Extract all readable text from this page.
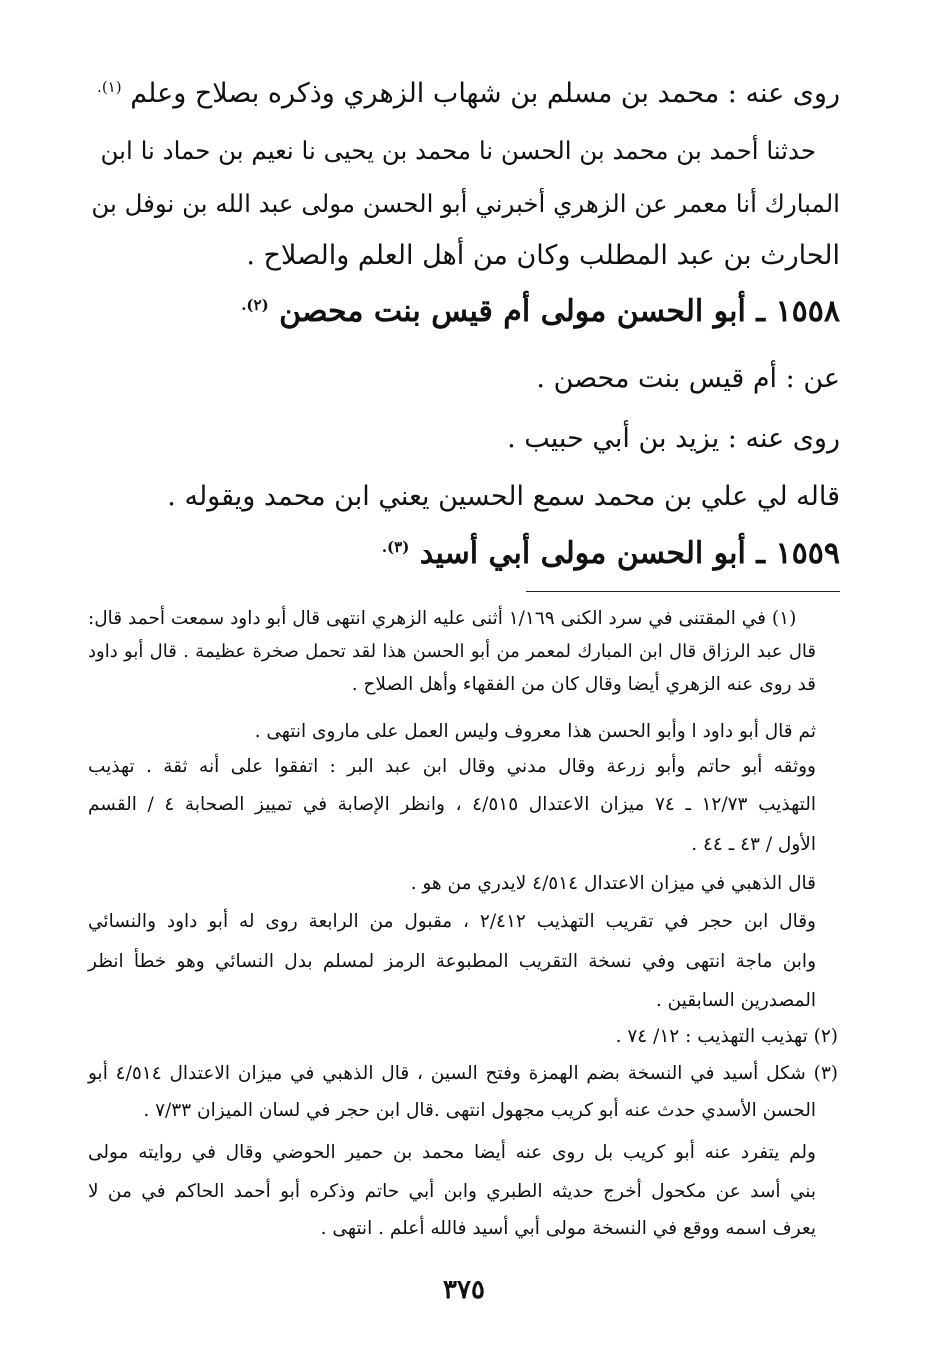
روى عنه : محمد بن مسلم بن شهاب الزهري وذكره بصلاح وعلم $^{(١).}$
حدثنا أحمد بن محمد بن الحسن نا محمد بن يحيى نا نعيم بن حماد نا ابن
المبارك أنا معمر عن الزهري أخبرني أبو الحسن مولى عبد الله بن نوفل بن
الحارث بن عبد المطلب وكان من أهل العلم والصلاح .
١٥٥٨ ـ أبو الحسن مولى أم قيس بنت محصن $^{(٢).}$
عن : أم قيس بنت محصن .
روى عنه : يزيد بن أبي حبيب .
قاله لي علي بن محمد سمع الحسين يعني ابن محمد ويقوله .
١٥٥٩ ـ أبو الحسن مولى أبي أسيد $^{(٣).}$
(١) في المقتنى في سرد الكنى ١/١٦٩ أثنى عليه الزهري انتهى قال أبو داود سمعت أحمد قال:
قال عبد الرزاق قال ابن المبارك لمعمر من أبو الحسن هذا لقد تحمل صخرة عظيمة . قال أبو داود
قد روى عنه الزهري أيضا وقال كان من الفقهاء وأهل الصلاح .
ثم قال أبو داود ا وأبو الحسن هذا معروف وليس العمل على ماروى انتهى .
ووثقه أبو حاتم وأبو زرعة وقال مدني وقال ابن عبد البر : اتفقوا على أنه ثقة . تهذيب
التهذيب ١٢/٧٣ ـ ٧٤ ميزان الاعتدال ٤/٥١٥ ، وانظر الإصابة في تمييز الصحابة ٤ / القسم
الأول / ٤٣ ـ ٤٤ .
قال الذهبي في ميزان الاعتدال ٤/٥١٤ لايدري من هو .
وقال ابن حجر في تقريب التهذيب ٢/٤١٢ ، مقبول من الرابعة روى له أبو داود والنسائي
وابن ماجة انتهى وفي نسخة التقريب المطبوعة الرمز لمسلم بدل النسائي وهو خطأ انظر
المصدرين السابقين .
(٢) تهذيب التهذيب : ١٢/ ٧٤ .
(٣) شكل أسيد في النسخة بضم الهمزة وفتح السين ، قال الذهبي في ميزان الاعتدال ٤/٥١٤ أبو
الحسن الأسدي حدث عنه أبو كريب مجهول انتهى .قال ابن حجر في لسان الميزان ٧/٣٣ .
ولم يتفرد عنه أبو كريب بل روى عنه أيضا محمد بن حمير الحوضي وقال في روايته مولى
بني أسد عن مكحول أخرج حديثه الطبري وابن أبي حاتم وذكره أبو أحمد الحاكم في من لا
يعرف اسمه ووقع في النسخة مولى أبي أسيد فالله أعلم . انتهى .
٣٧٥
